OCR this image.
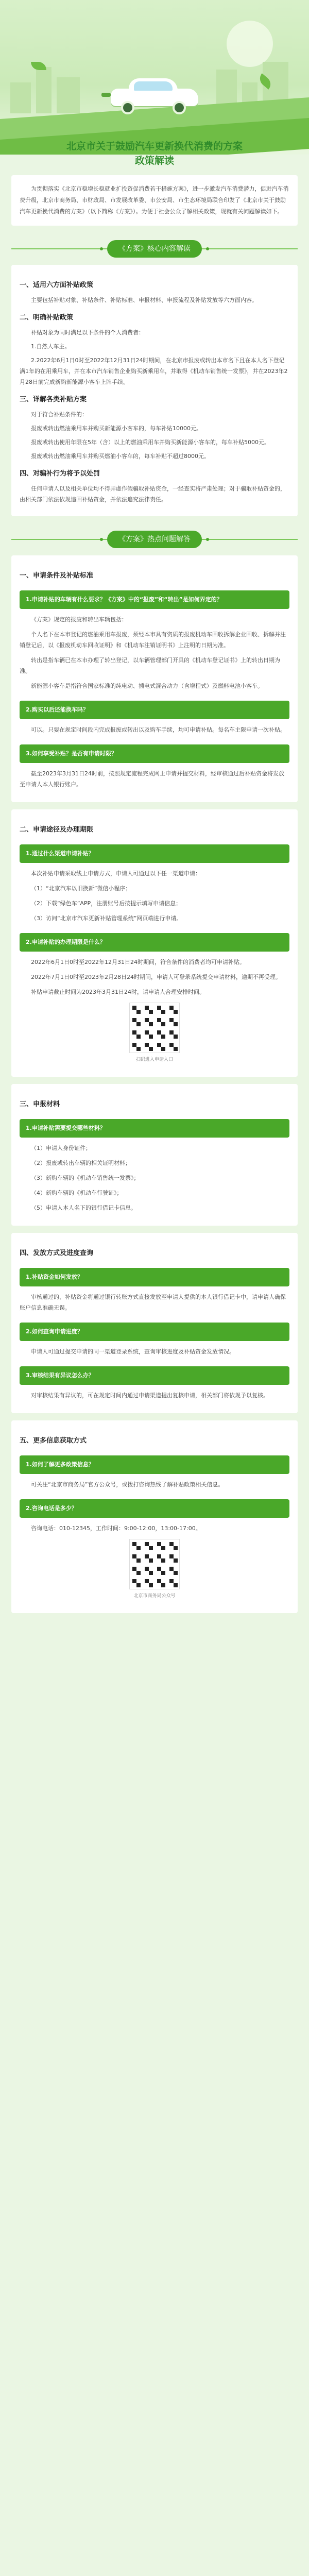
北京市关于鼓励汽车更新换代消费的方案
政策解读

为贯彻落实《北京市稳增长稳就业扩投资促消费若干措施方案》，进一步激发汽车消费潜力，促进汽车消费升级，北京市商务局、市财政局、市发展改革委、市公安局、市生态环境局联合印发了《北京市关于鼓励汽车更新换代消费的方案》（以下简称《方案》）。为便于社会公众了解相关政策，现就有关问题解读如下。

《方案》核心内容解读
一、适用六方面补贴政策

主要包括补贴对象、补贴条件、补贴标准、申报材料、申报流程及补贴发放等六方面内容。

二、明确补贴政策

补贴对象为同时满足以下条件的个人消费者：

1.自然人车主。

2.2022年6月1日0时至2022年12月31日24时期间，在北京市报废或转出本市名下且在本人名下登记满1年的在用乘用车，并在本市汽车销售企业购买新乘用车，并取得《机动车销售统一发票》，并在2023年2月28日前完成新购新能源小客车上牌手续。

三、详解各类补贴方案

对于符合补贴条件的：

报废或转出燃油乘用车并购买新能源小客车的，每车补贴10000元。

报废或转出使用年限在5年（含）以上的燃油乘用车并购买新能源小客车的，每车补贴5000元。

报废或转出燃油乘用车并购买燃油小客车的，每车补贴不超过8000元。

四、对骗补行为将予以处罚

任何申请人以及相关单位均不得弄虚作假骗取补贴资金，一经查实将严肃处理；对于骗取补贴资金的，由相关部门依法依规追回补贴资金，并依法追究法律责任。

《方案》热点问题解答
一、申请条件及补贴标准
1.申请补贴的车辆有什么要求？《方案》中的“报废”和“转出”是如何界定的？

《方案》规定的报废和转出车辆包括：

个人名下在本市登记的燃油乘用车报废，须经本市具有资质的报废机动车回收拆解企业回收、拆解并注销登记后，以《报废机动车回收证明》和《机动车注销证明书》上注明的日期为准。

转出是指车辆已在本市办理了转出登记，以车辆管理部门开具的《机动车登记证书》上的转出日期为准。

新能源小客车是指符合国家标准的纯电动、插电式混合动力（含增程式）及燃料电池小客车。

2.购买以后还能换车吗？

可以。只要在规定时间段内完成报废或转出以及购车手续，均可申请补贴。每名车主限申请一次补贴。

3.如何享受补贴？是否有申请时限？

截至2023年3月31日24时前，按照规定流程完成网上申请并提交材料，经审核通过后补贴资金将发放至申请人本人银行账户。

二、申请途径及办理期限
1.通过什么渠道申请补贴？

本次补贴申请采取线上申请方式，申请人可通过以下任一渠道申请：

（1）“北京汽车以旧换新”微信小程序；

（2）下载“绿色车”APP，注册账号后按提示填写申请信息；

（3）访问“北京市汽车更新补贴管理系统”网页端进行申请。

2.申请补贴的办理期限是什么？

2022年6月1日0时至2022年12月31日24时期间，符合条件的消费者均可申请补贴。

2022年7月1日0时至2023年2月28日24时期间，申请人可登录系统提交申请材料，逾期不再受理。

补贴申请截止时间为2023年3月31日24时，请申请人合理安排时间。

扫码进入申请入口
三、申报材料
1.申请补贴需要提交哪些材料？

（1）申请人身份证件；

（2）报废或转出车辆的相关证明材料；

（3）新购车辆的《机动车销售统一发票》；

（4）新购车辆的《机动车行驶证》；

（5）申请人本人名下的银行借记卡信息。

四、发放方式及进度查询
1.补贴资金如何发放？

审核通过的，补贴资金将通过银行转账方式直接发放至申请人提供的本人银行借记卡中，请申请人确保账户信息准确无误。

2.如何查询申请进度？

申请人可通过提交申请的同一渠道登录系统，查询审核进度及补贴资金发放情况。

3.审核结果有异议怎么办？

对审核结果有异议的，可在规定时间内通过申请渠道提出复核申请，相关部门将依规予以复核。

五、更多信息获取方式
1.如何了解更多政策信息？

可关注“北京市商务局”官方公众号，或拨打咨询热线了解补贴政策相关信息。

2.咨询电话是多少？

咨询电话：010-12345，工作时间：9:00-12:00，13:00-17:00。

北京市商务局公众号
